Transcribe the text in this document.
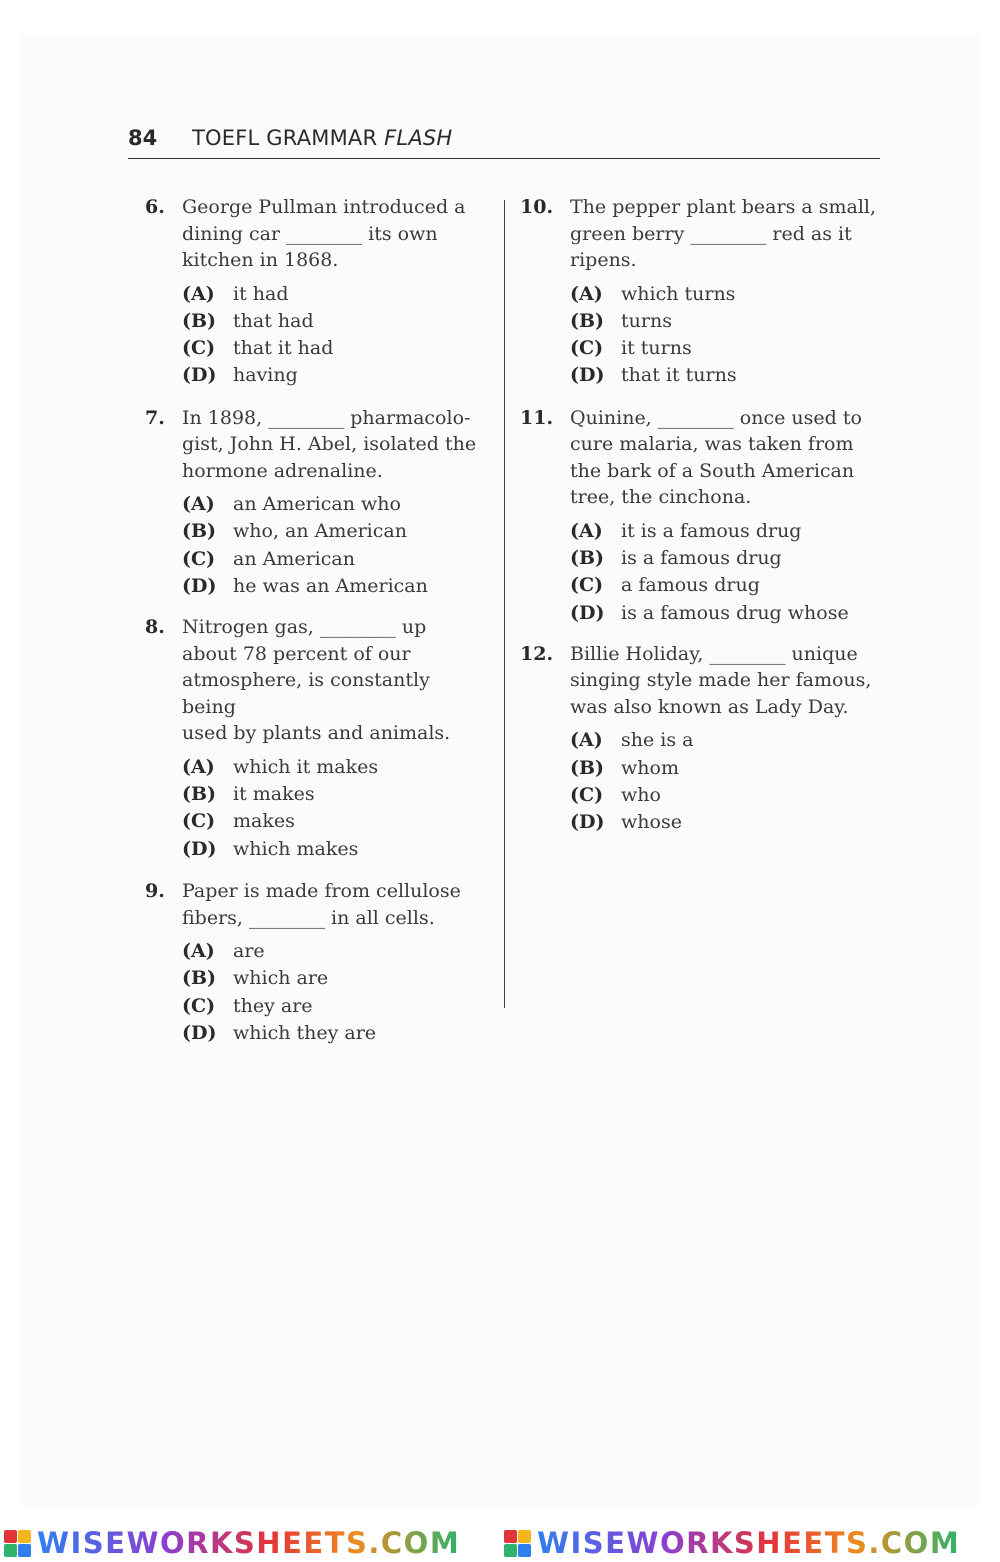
84 TOEFL GRAMMAR FLASH
6. George Pullman introduced a
dining car ________ its own
kitchen in 1868.
(A) it had
(B) that had
(C) that it had
(D) having
7. In 1898, ________ pharmacolo-
gist, John H. Abel, isolated the
hormone adrenaline.
(A) an American who
(B) who, an American
(C) an American
(D) he was an American
8. Nitrogen gas, ________ up
about 78 percent of our
atmosphere, is constantly being
used by plants and animals.
(A) which it makes
(B) it makes
(C) makes
(D) which makes
9. Paper is made from cellulose
fibers, ________ in all cells.
(A) are
(B) which are
(C) they are
(D) which they are
10. The pepper plant bears a small,
green berry ________ red as it
ripens.
(A) which turns
(B) turns
(C) it turns
(D) that it turns
11. Quinine, ________ once used to
cure malaria, was taken from
the bark of a South American
tree, the cinchona.
(A) it is a famous drug
(B) is a famous drug
(C) a famous drug
(D) is a famous drug whose
12. Billie Holiday, ________ unique
singing style made her famous,
was also known as Lady Day.
(A) she is a
(B) whom
(C) who
(D) whose
WISEWORKSHEETS.COM	WISEWORKSHEETS.COM
